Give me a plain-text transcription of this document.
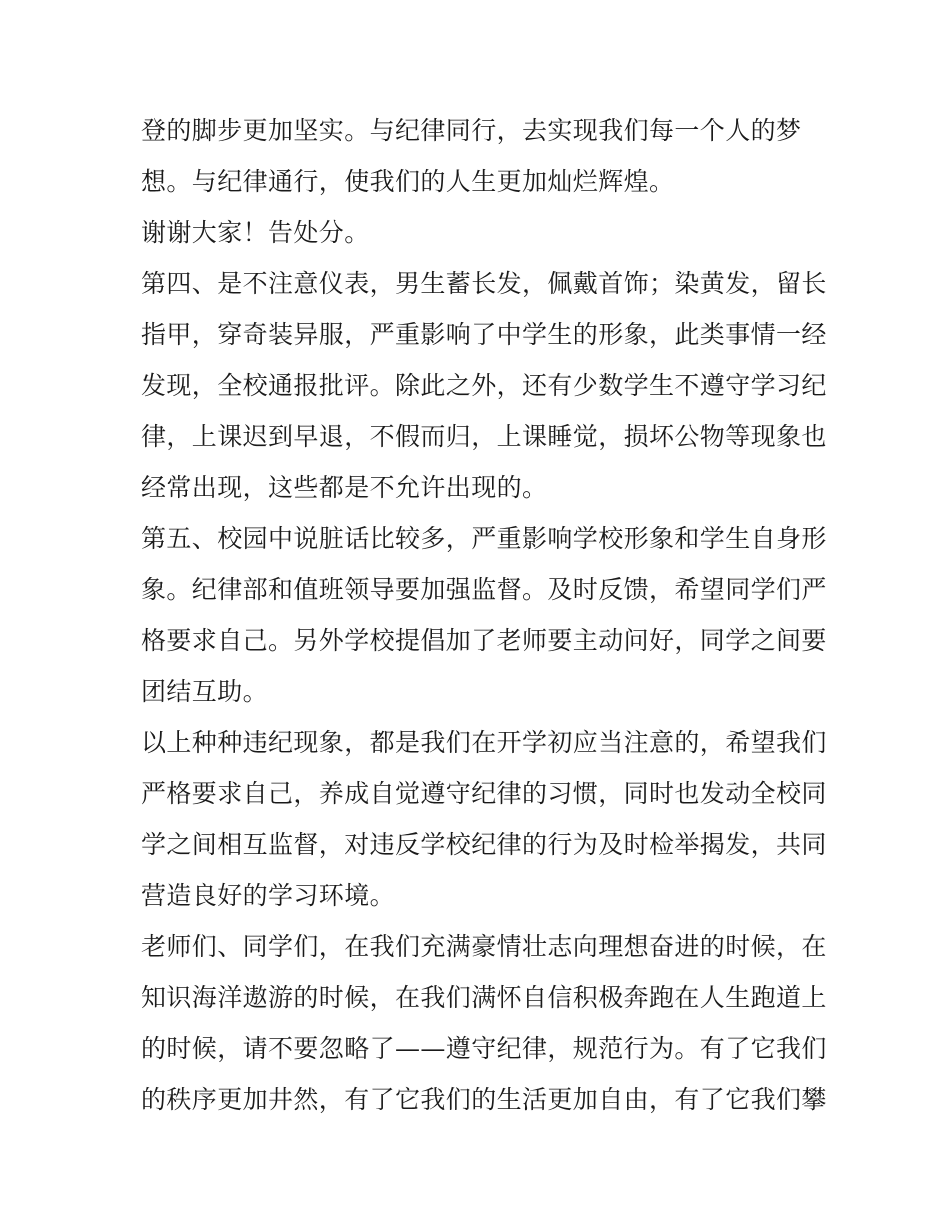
登的脚步更加坚实。与纪律同行，去实现我们每一个人的梦
想。与纪律通行，使我们的人生更加灿烂辉煌。
谢谢大家！告处分。
第四、是不注意仪表，男生蓄长发，佩戴首饰；染黄发，留长
指甲，穿奇装异服，严重影响了中学生的形象，此类事情一经
发现，全校通报批评。除此之外，还有少数学生不遵守学习纪
律，上课迟到早退，不假而归，上课睡觉，损坏公物等现象也
经常出现，这些都是不允许出现的。
第五、校园中说脏话比较多，严重影响学校形象和学生自身形
象。纪律部和值班领导要加强监督。及时反馈，希望同学们严
格要求自己。另外学校提倡加了老师要主动问好，同学之间要
团结互助。
以上种种违纪现象，都是我们在开学初应当注意的，希望我们
严格要求自己，养成自觉遵守纪律的习惯，同时也发动全校同
学之间相互监督，对违反学校纪律的行为及时检举揭发，共同
营造良好的学习环境。
老师们、同学们，在我们充满豪情壮志向理想奋进的时候，在
知识海洋遨游的时候，在我们满怀自信积极奔跑在人生跑道上
的时候，请不要忽略了——遵守纪律，规范行为。有了它我们
的秩序更加井然，有了它我们的生活更加自由，有了它我们攀
